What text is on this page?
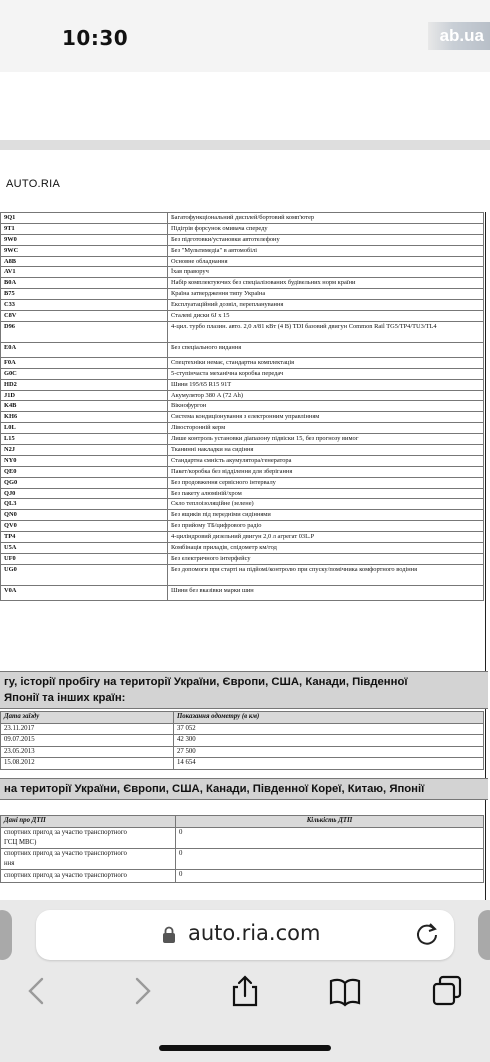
10:30	ab.ua
AUTO.RIA
9Q1	Багатофункціональний дисплей/бортовий комп'ютер
9T1	Підігрів форсунок омивача спереду
9W0	Без підготовки/установки автотелефону
9WC	Без "Мультимедіа" в автомобілі
A8B	Основне обладнання
AV1	Їхав праворуч
B0A	Набір комплектуючих без спеціалізованих будівельних норм країни
B75	Країна затвердження типу Україна
C33	Експлуатаційний дозвіл, перепланування
C8V	Сталеві диски 6J x 15
D96	4-цил. турбо плазин. авто. 2,0 л/81 кВт (4 В) TDI базовий двигун Common Rail TG5/TP4/TU3/TL4
E0A	Без спеціального видання
F0A	Спецтехніки немає, стандартна комплектація
G0C	5-ступінчаста механічна коробка передач
HD2	Шини 195/65 R15 91T
J1D	Акумулятор 380 А (72 Ah)
K4B	Вікнофургон
KH6	Система кондиціонування з електронним управлінням
L0L	Лівосторонній керм
L15	Лише контроль установки діапазону підвіски 15, без прогнозу вимог
N2J	Тканинні накладки на сидіння
NY0	Стандартна ємність акумулятора/генератора
QE0	Пакет/коробка без відділення для зберігання
QG0	Без продовження сервісного інтервалу
QJ0	Без пакету алюміній/хром
QL3	Скло теплоізоляційне (зелене)
QN0	Без ящиків під передніми сидіннями
QV0	Без прийому ТБ/цифрового радіо
TP4	4-циліндровий дизельний двигун 2,0 л агрегат 03L.P
U5A	Комбінація приладів, спідометр км/год
UF0	Без електричного інтерфейсу
UG0	Без допомоги при старті на підйомі/контролю при спуску/помічника комфортного водіння
V0A	Шини без вказівки марки шин
гу, історії пробігу на території України, Європи, США, Канади, Південної
Японії та інших країн:
Дата заїзду	Показання одометру (в км)
23.11.2017	37 052
09.07.2015	42 300
23.05.2013	27 500
15.08.2012	14 654
на території України, Європи, США, Канади, Південної Кореї, Китаю, Японії
Дані про ДТП	Кількість ДТП

спортних пригод за участю транспортного
ГСЦ МВС)	0

спортних пригод за участю транспортного
ння	0

спортних пригод за участю транспортного	0
auto.ria.com
